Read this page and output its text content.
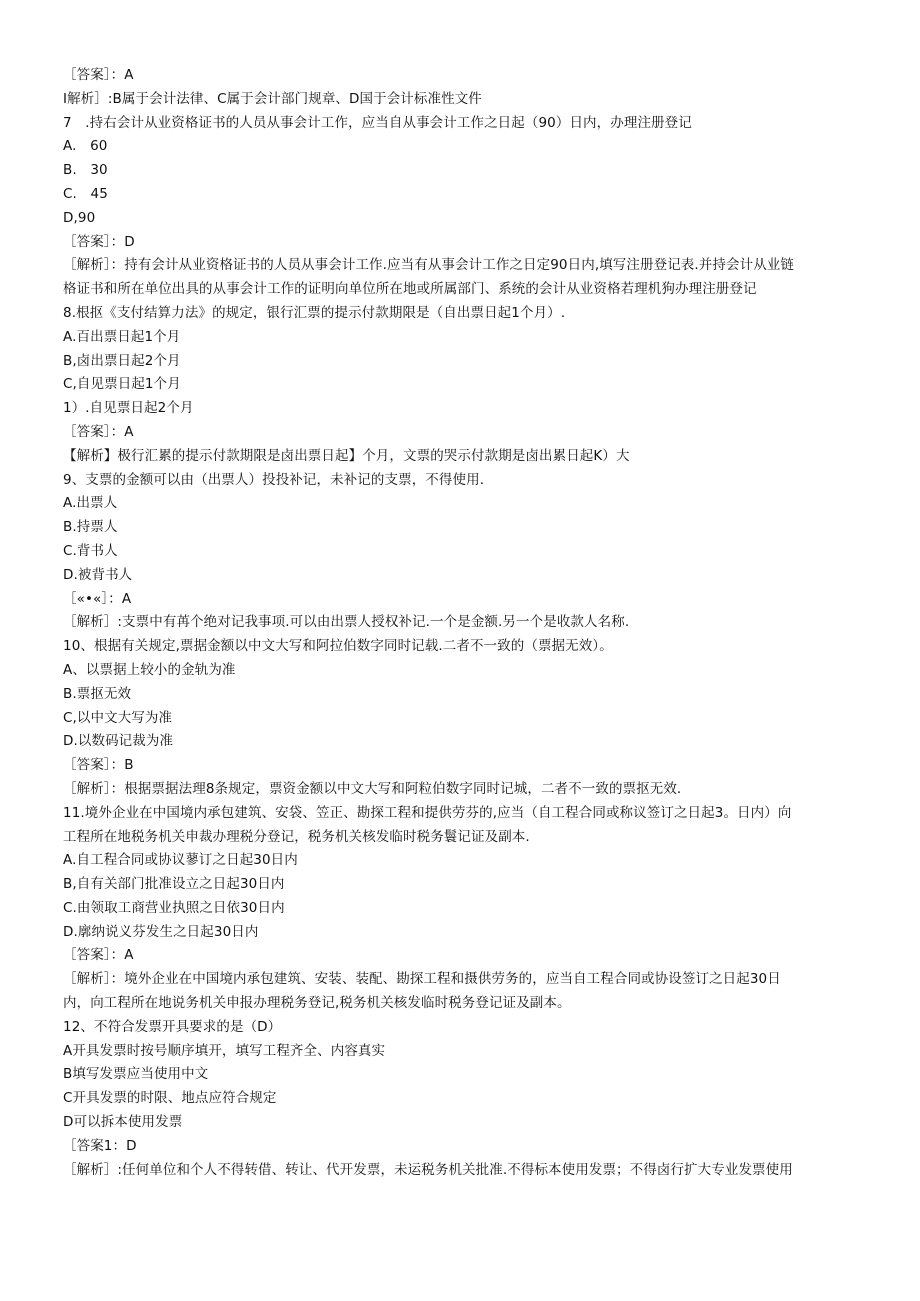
［答案］：A
I解析］:B属于会计法律、C属于会计部门规章、D国于会计标准性文件
7　.持右会计从业资格证书的人员从事会计工作，应当自从事会计工作之日起（90）日内，办理注册登记
A.　60
B.　30
C.　45
D,90
［答案］：D
［解析］：持有会计从业资格证书的人员从事会计工作.应当有从事会计工作之日定90日内,填写注册登记表.并持会计从业链
格证书和所在单位出具的从事会计工作的证明向单位所在地或所属部门、系统的会计从业资格若理机狗办理注册登记
8.根抠《支付结算力法》的规定，银行汇票的提示付款期限是（自出票日起1个月）.
A.百出票日起1个月
B,卤出票日起2个月
C,自见票日起1个月
1）.自见票日起2个月
［答案］：A
【解析】极行汇累的提示付款期限是卤出票日起】个月，文票的哭示付款期是卤出累日起K）大
9、支票的金额可以由（出票人）投投补记，未补记的支票，不得使用.
A.出票人
B.持票人
C.背书人
D.被背书人
［«•«］：A
［解析］:支票中有苒个绝对记我事项.可以由出票人授权补记.一个是金额.另一个是收款人名称.
10、根据有关规定,票据金额以中文大写和阿拉伯数字同时记载.二者不一致的（票据无效）。
A、以票据上较小的金轨为准
B.票抠无效
C,以中文大写为准
D.以数码记裁为准
［答案］：B
［解析］：根据票据法理8条规定，票资金额以中文大写和阿粒伯数字同时记城，二者不一致的票抠无效.
11.境外企业在中国境内承包建筑、安袋、笠正、勘探工程和提供劳芬的,应当（自工程合同或称议签订之日起3。日内）向
工程所在地税务机关申裁办理税分登记，税务机关核发临时税务鬟记证及副本.
A.自工程合同或协议蓼订之日起30日内
B,自有关部门批准设立之日起30日内
C.由领取工商营业执照之日依30日内
D.廓纳说义芬发生之日起30日内
［答案］：A
［解析］：境外企业在中国境内承包建筑、安装、装配、勘探工程和摄供劳务的，应当自工程合同或协设签订之日起30日
内，向工程所在地说务机关申报办理税务登记,税务机关核发临时税务登记证及副本。
12、不符合发票开具要求的是（D）
A开具发票时按号顺序填开，填写工程齐全、内容真实
B填写发票应当使用中文
C开具发票的时限、地点应符合规定
D可以拆本使用发票
［答案1：D
［解析］:任何单位和个人不得转借、转让、代开发票，未运税务机关批准.不得标本使用发票；不得卤行扩大专业发票使用
